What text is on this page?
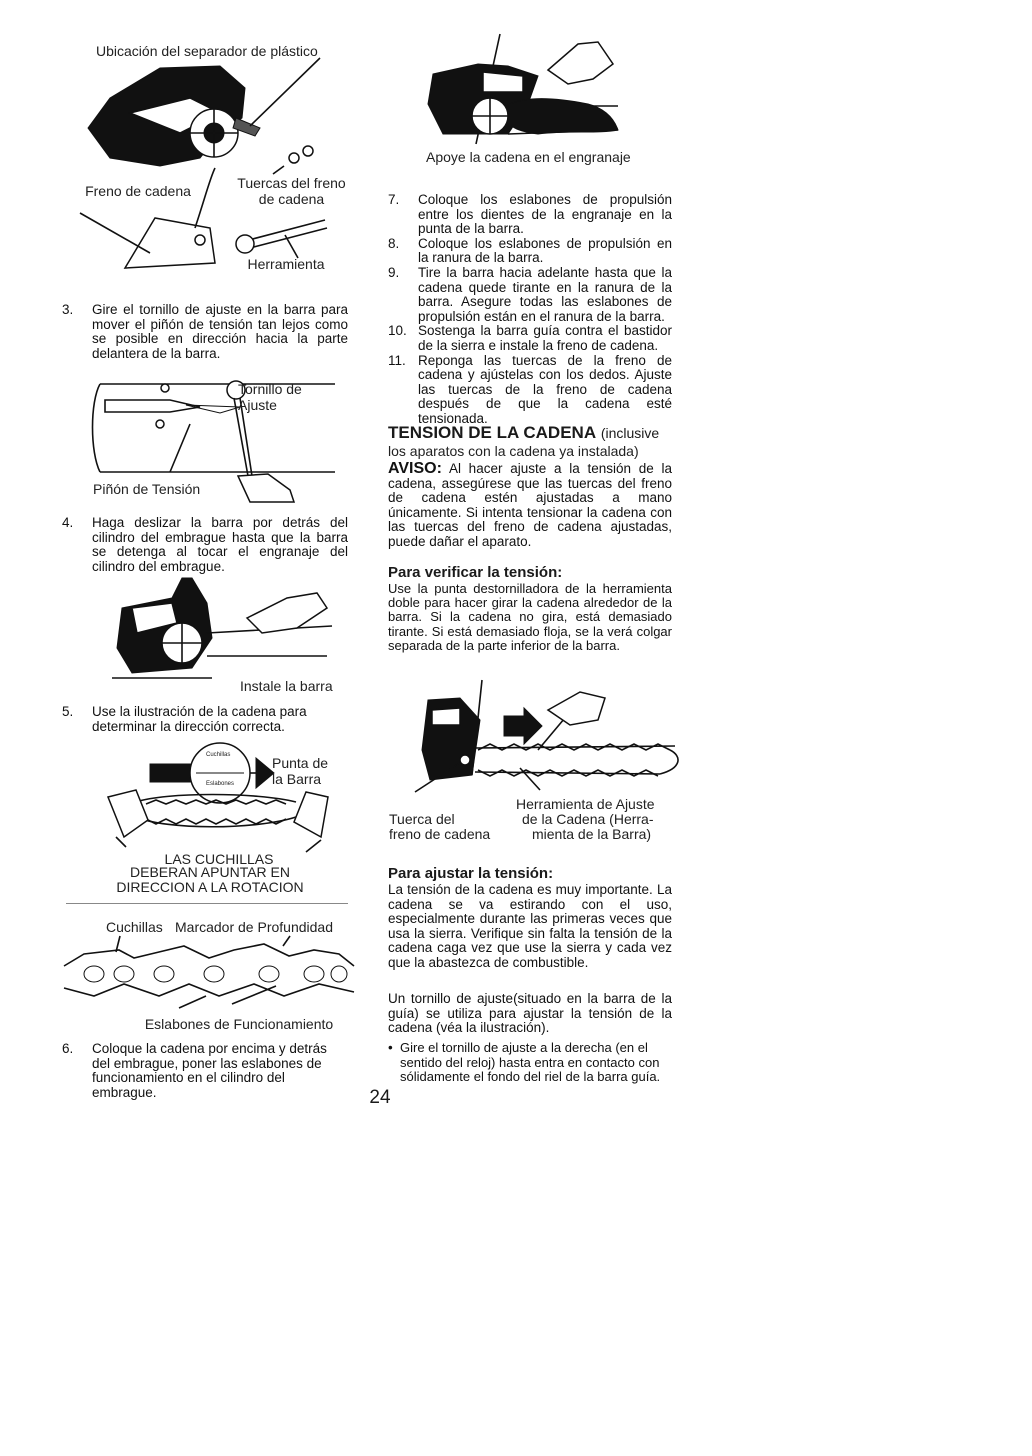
Ubicación del separador de plástico
Freno de cadena	Tuercas del freno de cadena
Herramienta
3.	Gire el tornillo de ajuste en la barra para mover el piñón de tensión tan lejos como se posible en dirección hacia la parte delantera de la barra.
Tornillo de Ajuste
Piñón de Tensión
4.	Haga deslizar la barra por detrás del cilindro del embrague hasta que la barra se detenga al tocar el engranaje del cilindro del embrague.
Instale la barra
5.	Use la ilustración de la cadena para determinar la dirección correcta.
Cuchillas
Eslabones
Punta de la Barra
LAS CUCHILLAS
DEBERAN APUNTAR EN
DIRECCION A LA ROTACION
Cuchillas Marcador de Profundidad
Eslabones de Funcionamiento
6.	Coloque la cadena por encima y detrás del embrague, poner las eslabones de funcionamiento en el cilindro del embrague.
Apoye la cadena en el engranaje
7.	Coloque los eslabones de propulsión entre los dientes de la engranaje en la punta de la barra.
8.	Coloque los eslabones de propulsión en la ranura de la barra.
9.	Tire la barra hacia adelante hasta que la cadena quede tirante en la ranura de la barra. Asegure todas las eslabones de propulsión están en el ranura de la barra.
10. Sostenga la barra guía contra el bastidor de la sierra e instale la freno de cadena.
11. Reponga las tuercas de la freno de cadena y ajústelas con los dedos. Ajuste las tuercas de la freno de cadena después de que la cadena esté tensionada.
TENSION DE LA CADENA (inclusive
los aparatos con la cadena ya instalada)
AVISO: Al hacer ajuste a la tensión de la cadena, assegúrese que las tuercas del freno de cadena estén ajustadas a mano únicamente. Si intenta tensionar la cadena con las tuercas del freno de cadena ajustadas, puede dañar el aparato.
Para verificar la tensión:
Use la punta destornilladora de la herramienta doble para hacer girar la cadena alrededor de la barra. Si la cadena no gira, está demasiado tirante. Si está demasiado floja, se la verá colgar separada de la parte inferior de la barra.
Herramienta de Ajuste
de la Cadena (Herra-
mienta de la Barra)
Tuerca del
freno de cadena
Para ajustar la tensión:
La tensión de la cadena es muy importante. La cadena se va estirando con el uso, especialmente durante las primeras veces que usa la sierra. Verifique sin falta la tensión de la cadena caga vez que use la sierra y cada vez que la abastezca de combustible.
Un tornillo de ajuste(situado en la barra de la guía) se utiliza para ajustar la tensión de la cadena (véa la ilustración).
• Gire el tornillo de ajuste a la derecha (en el sentido del reloj) hasta entra en contacto con sólidamente el fondo del riel de la barra guía.
24
